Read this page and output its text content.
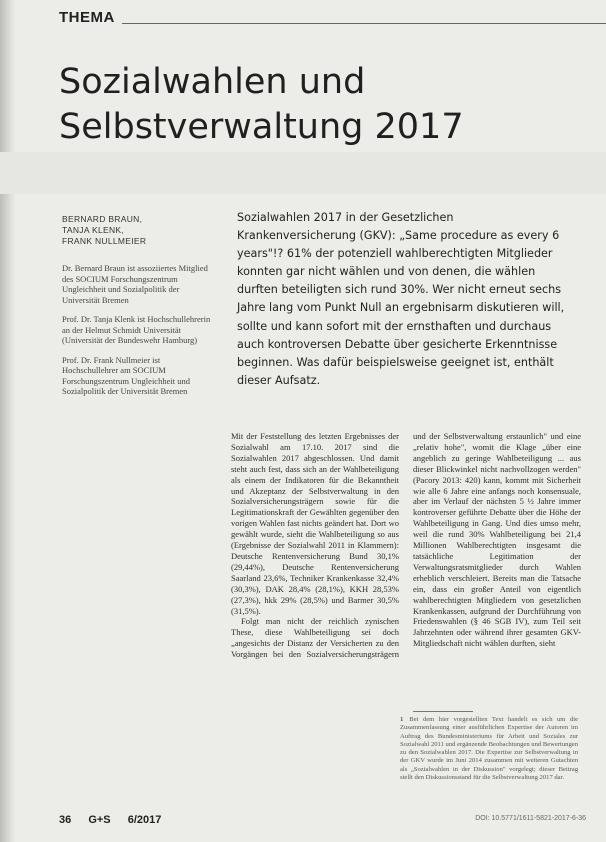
THEMA
Sozialwahlen und
Selbstverwaltung 2017
BERNARD BRAUN,
TANJA KLENK,
FRANK NULLMEIER
Dr. Bernard Braun ist assoziiertes Mitglied des SOCIUM Forschungszentrum Ungleichheit und Sozialpolitik der Universität Bremen
Prof. Dr. Tanja Klenk ist Hochschullehrerin an der Helmut Schmidt Universität (Universität der Bundeswehr Hamburg)
Prof. Dr. Frank Nullmeier ist Hochschullehrer am SOCIUM Forschungszentrum Ungleichheit und Sozialpolitik der Universität Bremen

Sozialwahlen 2017 in der Gesetzlichen Krankenversicherung (GKV): „Same procedure as every 6 years"!? 61% der potenziell wahlberechtigten Mitglieder konnten gar nicht wählen und von denen, die wählen durften beteiligten sich rund 30%. Wer nicht erneut sechs Jahre lang vom Punkt Null an ergebnisarm diskutieren will, sollte und kann sofort mit der ernsthaften und durchaus auch kontroversen Debatte über gesicherte Erkenntnisse beginnen. Was dafür beispielsweise geeignet ist, enthält dieser Aufsatz.

Mit der Feststellung des letzten Ergebnisses der Sozialwahl am 17.10. 2017 sind die Sozialwahlen 2017 abgeschlossen. Und damit steht auch fest, dass sich an der Wahlbeteiligung als einem der Indikatoren für die Bekanntheit und Akzeptanz der Selbstverwaltung in den Sozialversicherungsträgern sowie für die Legitimationskraft der Gewählten gegenüber den vorigen Wahlen fast nichts geändert hat. Dort wo gewählt wurde, sieht die Wahlbeteiligung so aus (Ergebnisse der Sozialwahl 2011 in Klammern): Deutsche Rentenversicherung Bund 30,1% (29,44%), Deutsche Rentenversicherung Saarland 23,6%, Techniker Krankenkasse 32,4% (30,3%), DAK 28,4% (28,1%), KKH 28,53% (27,3%), hkk 29% (28,5%) und Barmer 30,5% (31,5%).

Folgt man nicht der reichlich zynischen These, diese Wahlbeteiligung sei doch „angesichts der Distanz der Versicherten zu den Vorgängen bei den Sozialversicherungsträgern und der Selbstverwaltung erstaunlich" und eine „relativ hohe", womit die Klage „über eine angeblich zu geringe Wahlbeteiligung ... aus dieser Blickwinkel nicht nachvollzogen werden" (Pacory 2013: 420) kann, kommt mit Sicherheit wie alle 6 Jahre eine anfangs noch konsensuale, aber im Verlauf der nächsten 5 ½ Jahre immer kontroverser geführte Debatte über die Höhe der Wahlbeteiligung in Gang. Und dies umso mehr, weil die rund 30% Wahlbeteiligung bei 21,4 Millionen Wahlberechtigten insgesamt die tatsächliche Legitimation der Verwaltungsratsmitglieder durch Wahlen erheblich verschleiert. Bereits man die Tatsache ein, dass ein großer Anteil von eigentlich wahlberechtigten Mitgliedern von gesetzlichen Krankenkassen, aufgrund der Durchführung von Friedenswahlen (§ 46 SGB IV), zum Teil seit Jahrzehnten oder während ihrer gesamten GKV-Mitgliedschaft nicht wählen durften, sieht

1 Bei dem hier vorgestellten Text handelt es sich um die Zusammenfassung einer ausführlichen Expertise der Autoren im Auftrag des Bundesministeriums für Arbeit und Soziales zur Sozialwahl 2011 und ergänzende Beobachtungen und Bewertungen zu den Sozialwahlen 2017. Die Expertise zur Selbstverwaltung in der GKV wurde im Juni 2014 zusammen mit weiteren Gutachten als „Sozialwahlen in der Diskussion" vorgelegt; dieser Beitrag stellt den Diskussionsstand für die Selbstverwaltung 2017 dar.
36 G+S 6/2017	DOI: 10.5771/1611-5821-2017-6-36
